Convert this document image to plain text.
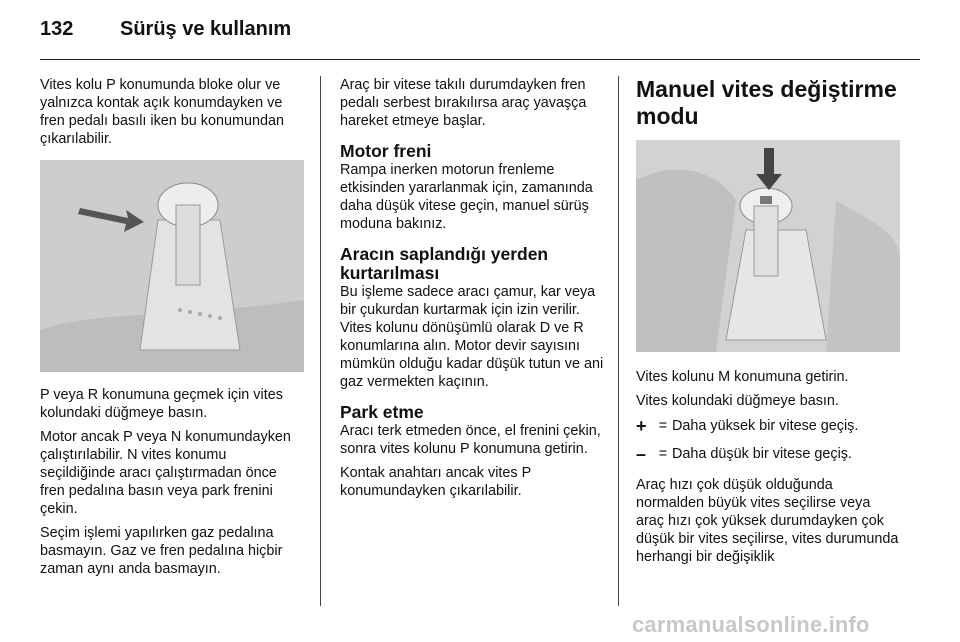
132 Sürüş ve kullanım

Vites kolu P konumunda bloke olur ve yalnızca kontak açık konumdayken ve fren pedalı basılı iken bu konumundan çıkarılabilir.

P veya R konumuna geçmek için vites kolundaki düğmeye basın.

Motor ancak P veya N konumundayken çalıştırılabilir. N vites konumu seçildiğinde aracı çalıştırmadan önce fren pedalına basın veya park frenini çekin.

Seçim işlemi yapılırken gaz pedalına basmayın. Gaz ve fren pedalına hiçbir zaman aynı anda basmayın.

Araç bir vitese takılı durumdayken fren pedalı serbest bırakılırsa araç yavaşça hareket etmeye başlar.

Motor freni

Rampa inerken motorun frenleme etkisinden yararlanmak için, zamanında daha düşük vitese geçin, manuel sürüş moduna bakınız.

Aracın saplandığı yerden kurtarılması

Bu işleme sadece aracı çamur, kar veya bir çukurdan kurtarmak için izin verilir. Vites kolunu dönüşümlü olarak D ve R konumlarına alın. Motor devir sayısını mümkün olduğu kadar düşük tutun ve ani gaz vermekten kaçının.

Park etme

Aracı terk etmeden önce, el frenini çekin, sonra vites kolunu P konumuna getirin.

Kontak anahtarı ancak vites P konumundayken çıkarılabilir.

Manuel vites değiştirme modu

Vites kolunu M konumuna getirin.

Vites kolundaki düğmeye basın.

+ = Daha yüksek bir vitese geçiş.
– = Daha düşük bir vitese geçiş.

Araç hızı çok düşük olduğunda normalden büyük vites seçilirse veya araç hızı çok yüksek durumdayken çok düşük bir vites seçilirse, vites durumunda herhangi bir değişiklik

carmanualsonline.info
